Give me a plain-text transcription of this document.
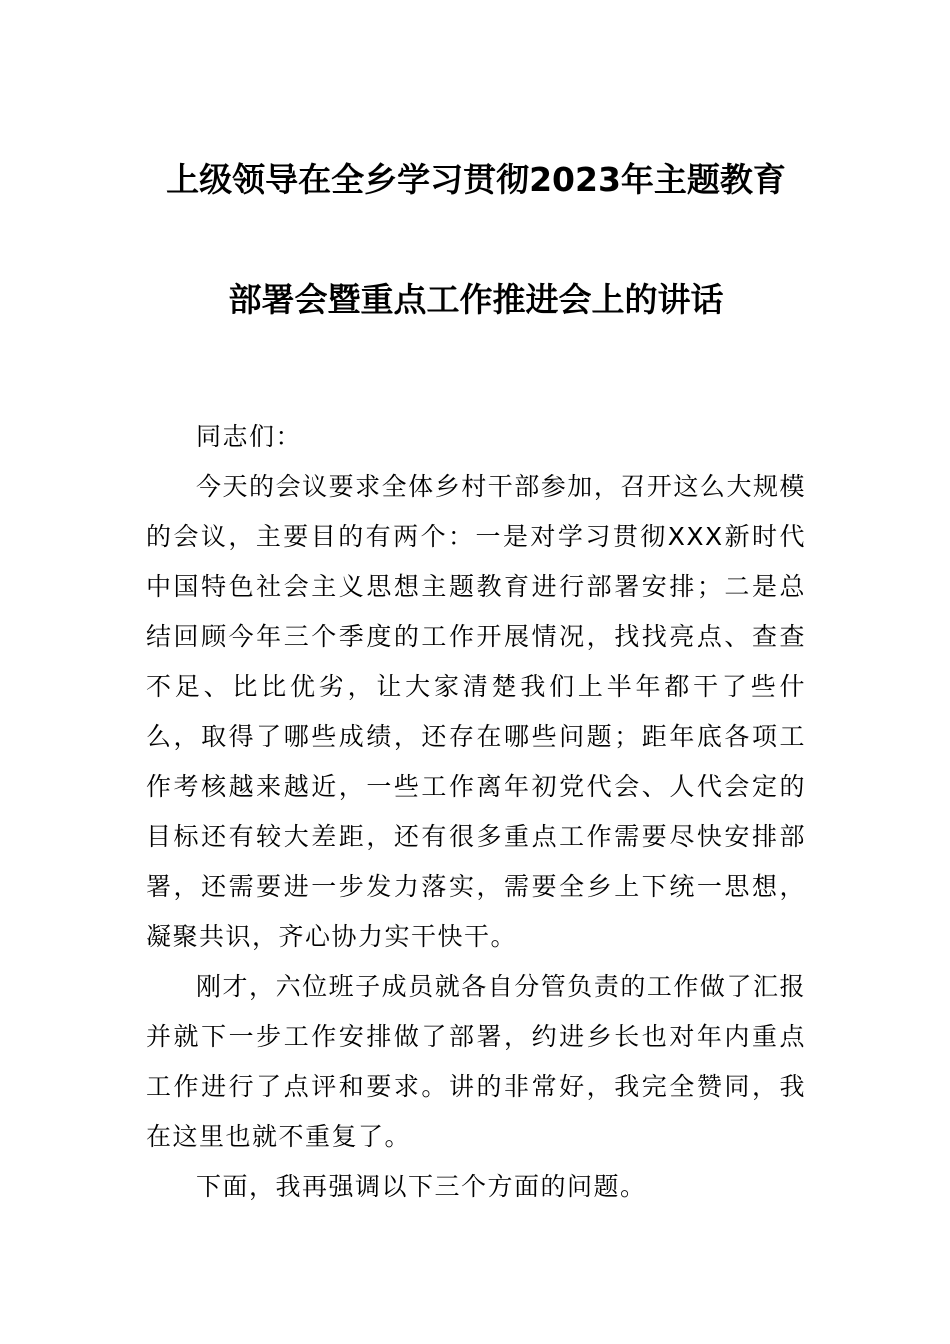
上级领导在全乡学习贯彻2023年主题教育
部署会暨重点工作推进会上的讲话

同志们：

今天的会议要求全体乡村干部参加，召开这么大规模的会议，主要目的有两个：一是对学习贯彻XXX新时代中国特色社会主义思想主题教育进行部署安排；二是总结回顾今年三个季度的工作开展情况，找找亮点、查查不足、比比优劣，让大家清楚我们上半年都干了些什么，取得了哪些成绩，还存在哪些问题；距年底各项工作考核越来越近，一些工作离年初党代会、人代会定的目标还有较大差距，还有很多重点工作需要尽快安排部署，还需要进一步发力落实，需要全乡上下统一思想，凝聚共识，齐心协力实干快干。

刚才，六位班子成员就各自分管负责的工作做了汇报并就下一步工作安排做了部署，约进乡长也对年内重点工作进行了点评和要求。讲的非常好，我完全赞同，我在这里也就不重复了。

下面，我再强调以下三个方面的问题。
